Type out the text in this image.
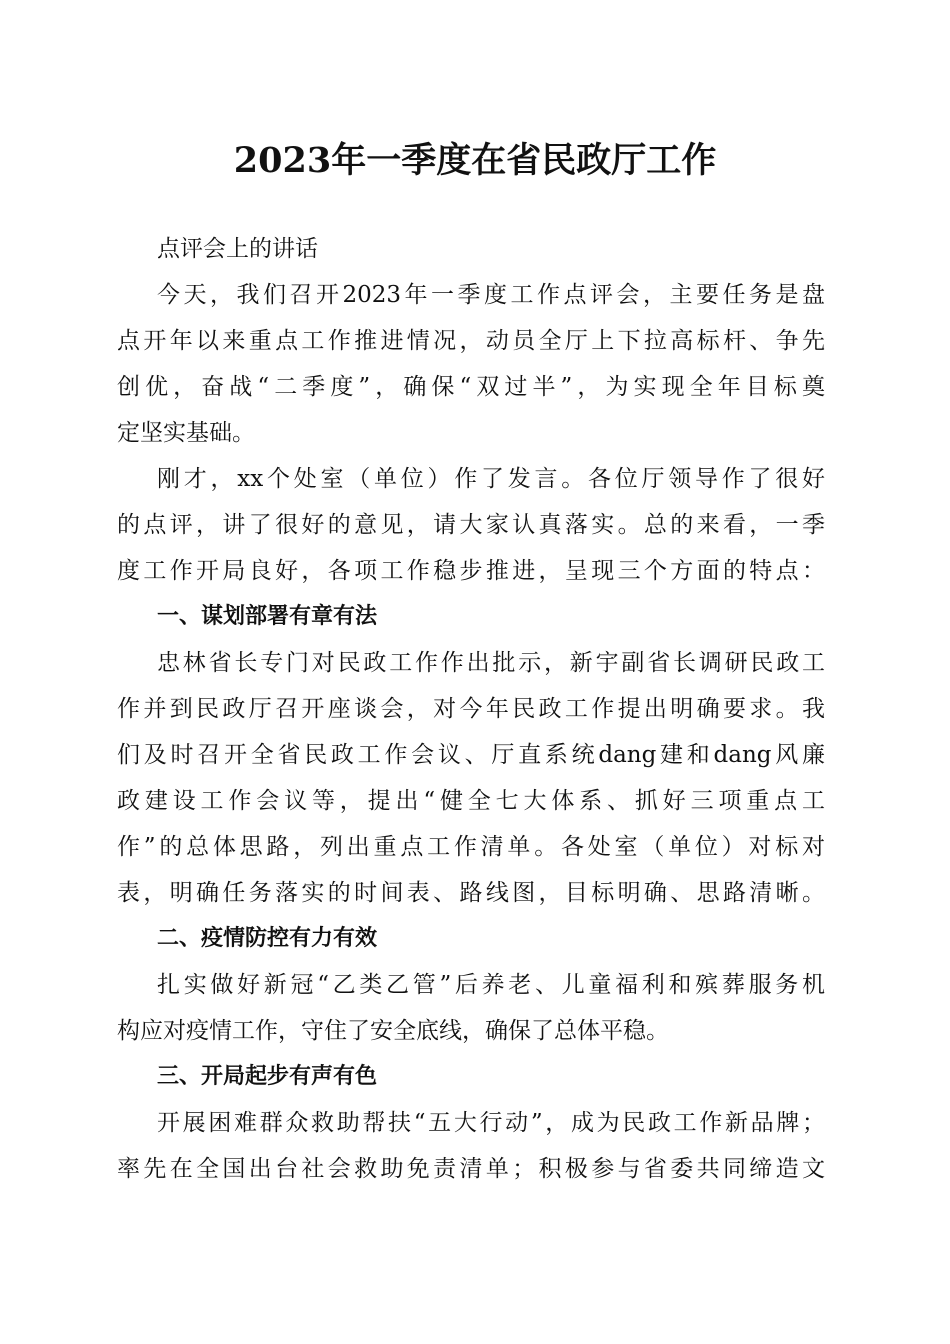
2023年一季度在省民政厅工作

点评会上的讲话

今天，我们召开2023年一季度工作点评会，主要任务是盘

点开年以来重点工作推进情况，动员全厅上下拉高标杆、争先

创优，奋战“二季度”，确保“双过半”，为实现全年目标奠

定坚实基础。

刚才，xx个处室（单位）作了发言。各位厅领导作了很好

的点评，讲了很好的意见，请大家认真落实。总的来看，一季

度工作开局良好，各项工作稳步推进，呈现三个方面的特点：

一、谋划部署有章有法

忠林省长专门对民政工作作出批示，新宇副省长调研民政工

作并到民政厅召开座谈会，对今年民政工作提出明确要求。我

们及时召开全省民政工作会议、厅直系统dang建和dang风廉

政建设工作会议等，提出“健全七大体系、抓好三项重点工

作”的总体思路，列出重点工作清单。各处室（单位）对标对

表，明确任务落实的时间表、路线图，目标明确、思路清晰。

二、疫情防控有力有效

扎实做好新冠“乙类乙管”后养老、儿童福利和殡葬服务机

构应对疫情工作，守住了安全底线，确保了总体平稳。

三、开局起步有声有色

开展困难群众救助帮扶“五大行动”，成为民政工作新品牌；

率先在全国出台社会救助免责清单；积极参与省委共同缔造文
